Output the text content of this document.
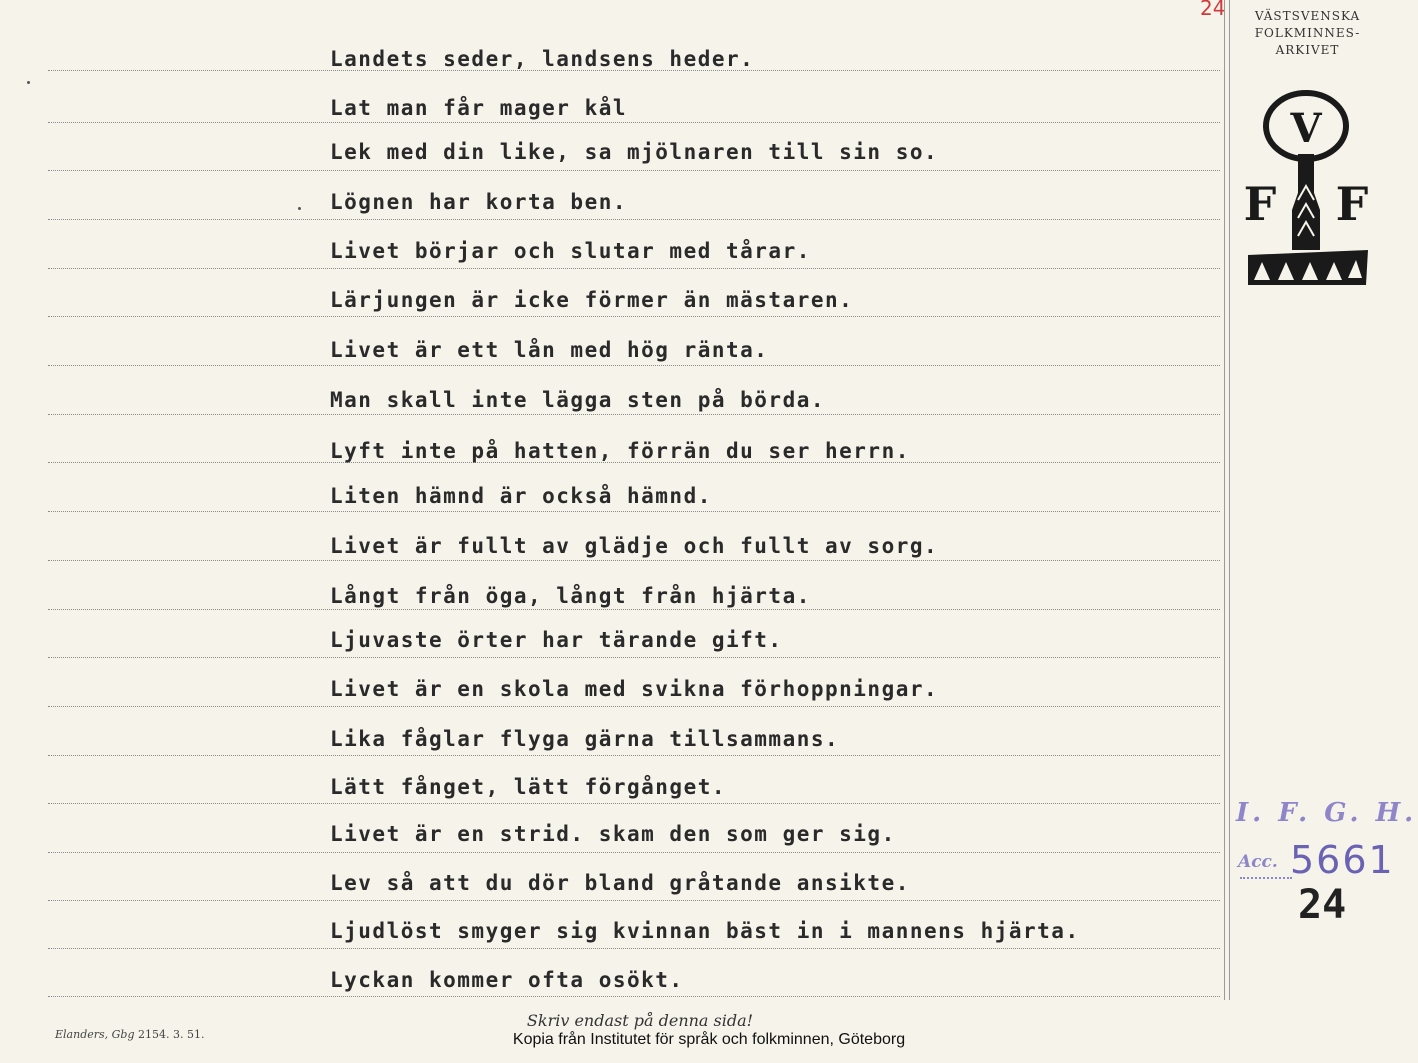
24
Landets seder, landsens heder.
Lat man får mager kål
Lek med din like, sa mjölnaren till sin so.
Lögnen har korta ben.
Livet börjar och slutar med tårar.
Lärjungen är icke förmer än mästaren.
Livet är ett lån med hög ränta.
Man skall inte lägga sten på börda.
Lyft inte på hatten, förrän du ser herrn.
Liten hämnd är också hämnd.
Livet är fullt av glädje och fullt av sorg.
Långt från öga, långt från hjärta.
Ljuvaste örter har tärande gift.
Livet är en skola med svikna förhoppningar.
Lika fåglar flyga gärna tillsammans.
Lätt fånget, lätt förgånget.
Livet är en strid. skam den som ger sig.
Lev så att du dör bland gråtande ansikte.
Ljudlöst smyger sig kvinnan bäst in i mannens hjärta.
Lyckan kommer ofta osökt.
VÄSTSVENSKA
FOLKMINNES-
ARKIVET
V
F F
I. F. G. H.
Acc. 5661
24
Elanders, Gbg 2154. 3. 51.
Skriv endast på denna sida!
Kopia från Institutet för språk och folkminnen, Göteborg
